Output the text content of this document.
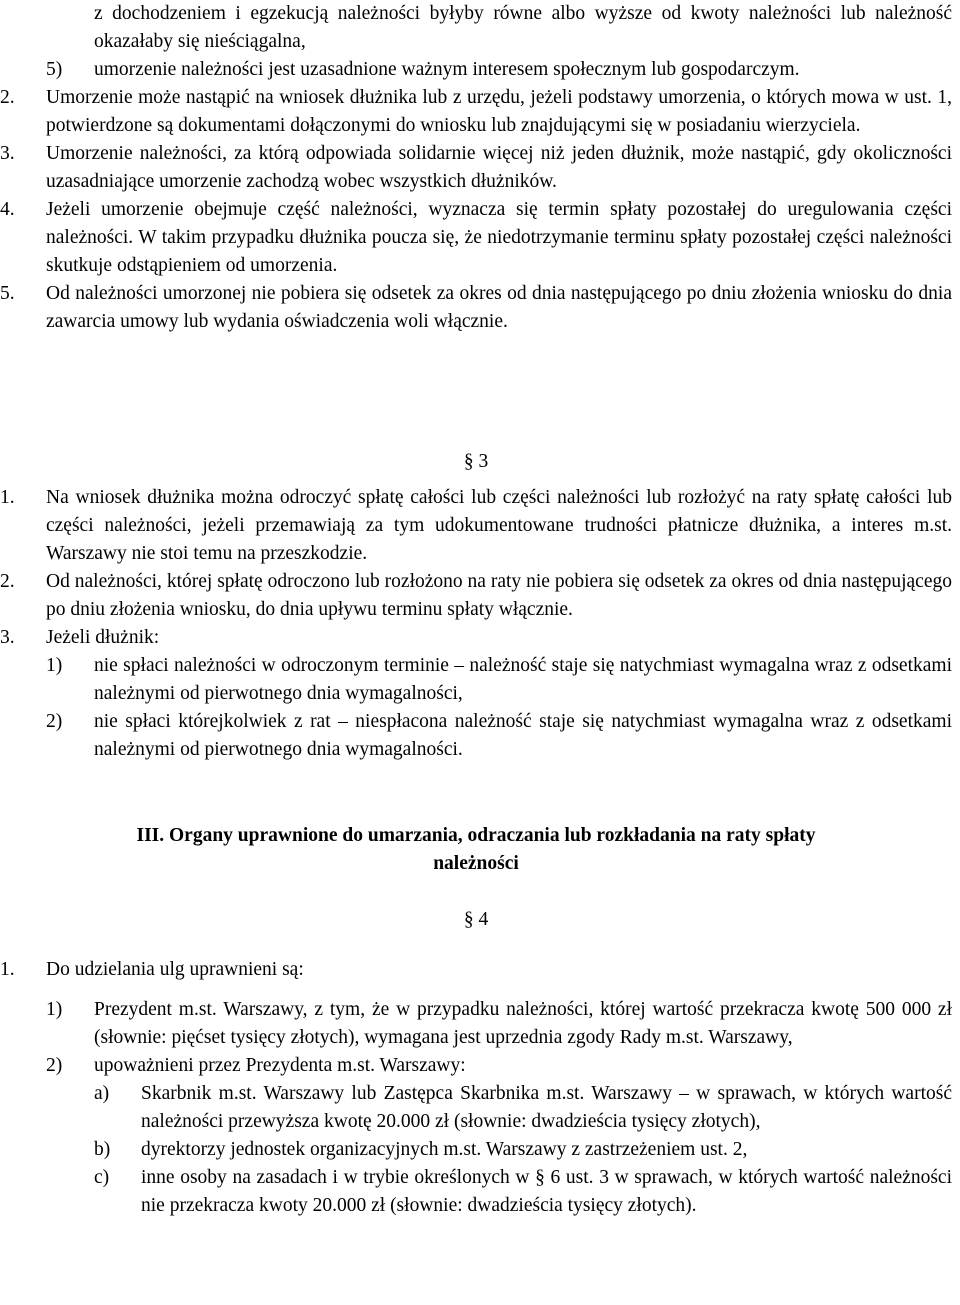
z dochodzeniem i egzekucją należności byłyby równe albo wyższe od kwoty należności lub należność okazałaby się nieściągalna,
5) umorzenie należności jest uzasadnione ważnym interesem społecznym lub gospodarczym.
2. Umorzenie może nastąpić na wniosek dłużnika lub z urzędu, jeżeli podstawy umorzenia, o których mowa w ust. 1, potwierdzone są dokumentami dołączonymi do wniosku lub znajdującymi się w posiadaniu wierzyciela.
3. Umorzenie należności, za którą odpowiada solidarnie więcej niż jeden dłużnik, może nastąpić, gdy okoliczności uzasadniające umorzenie zachodzą wobec wszystkich dłużników.
4. Jeżeli umorzenie obejmuje część należności, wyznacza się termin spłaty pozostałej do uregulowania części należności. W takim przypadku dłużnika poucza się, że niedotrzymanie terminu spłaty pozostałej części należności skutkuje odstąpieniem od umorzenia.
5. Od należności umorzonej nie pobiera się odsetek za okres od dnia następującego po dniu złożenia wniosku do dnia zawarcia umowy lub wydania oświadczenia woli włącznie.
§ 3
1. Na wniosek dłużnika można odroczyć spłatę całości lub części należności lub rozłożyć na raty spłatę całości lub części należności, jeżeli przemawiają za tym udokumentowane trudności płatnicze dłużnika, a interes m.st. Warszawy nie stoi temu na przeszkodzie.
2. Od należności, której spłatę odroczono lub rozłożono na raty nie pobiera się odsetek za okres od dnia następującego po dniu złożenia wniosku, do dnia upływu terminu spłaty włącznie.
3. Jeżeli dłużnik:
1) nie spłaci należności w odroczonym terminie – należność staje się natychmiast wymagalna wraz z odsetkami należnymi od pierwotnego dnia wymagalności,
2) nie spłaci którejkolwiek z rat – niespłacona należność staje się natychmiast wymagalna wraz z odsetkami należnymi od pierwotnego dnia wymagalności.
III. Organy uprawnione do umarzania, odraczania lub rozkładania na raty spłaty
należności
§ 4
1. Do udzielania ulg uprawnieni są:
1) Prezydent m.st. Warszawy, z tym, że w przypadku należności, której wartość przekracza kwotę 500 000 zł (słownie: pięćset tysięcy złotych), wymagana jest uprzednia zgody Rady m.st. Warszawy,
2) upoważnieni przez Prezydenta m.st. Warszawy:
a) Skarbnik m.st. Warszawy lub Zastępca Skarbnika m.st. Warszawy – w sprawach, w których wartość należności przewyższa kwotę 20.000 zł (słownie: dwadzieścia tysięcy złotych),
b) dyrektorzy jednostek organizacyjnych m.st. Warszawy z zastrzeżeniem ust. 2,
c) inne osoby na zasadach i w trybie określonych w § 6 ust. 3 w sprawach, w których wartość należności nie przekracza kwoty 20.000 zł (słownie: dwadzieścia tysięcy złotych).
